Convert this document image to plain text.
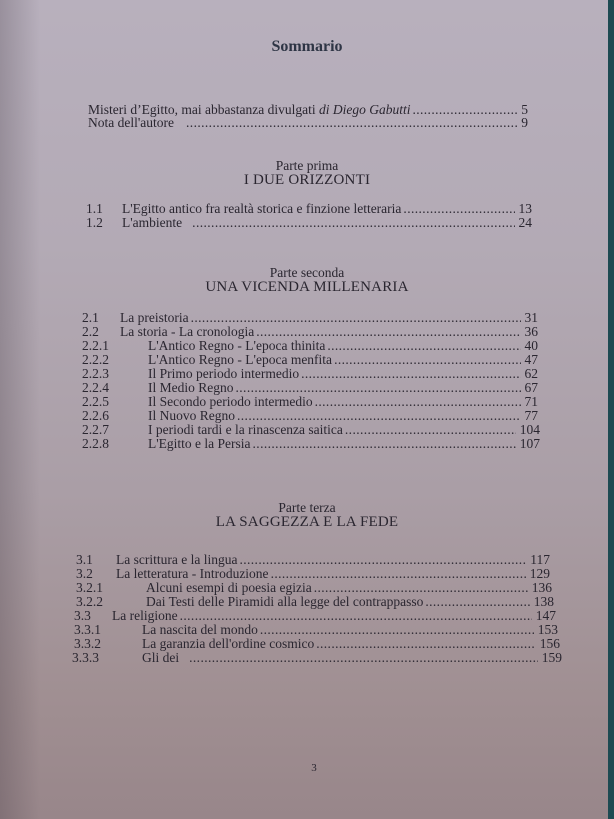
Sommario
Misteri d’Egitto, mai abbastanza divulgati di Diego Gabutti .....	5
Nota dell'autore .....	9
Parte prima
I DUE ORIZZONTI
1.1 L'Egitto antico fra realtà storica e finzione letteraria .....	13
1.2 L'ambiente .....	24
Parte seconda
UNA VICENDA MILLENARIA
2.1 La preistoria .....	31
2.2 La storia - La cronologia .....	36
2.2.1	L'Antico Regno - L'epoca thinita .....	40
2.2.2	L'Antico Regno - L'epoca menfita .....	47
2.2.3	Il Primo periodo intermedio .....	62
2.2.4	Il Medio Regno .....	67
2.2.5	Il Secondo periodo intermedio .....	71
2.2.6	Il Nuovo Regno .....	77
2.2.7	I periodi tardi e la rinascenza saitica .....	104
2.2.8	L'Egitto e la Persia .....	107
Parte terza
LA SAGGEZZA E LA FEDE
3.1 La scrittura e la lingua .....	117
3.2 La letteratura - Introduzione .....	129
3.2.1	Alcuni esempi di poesia egizia .....	136
3.2.2	Dai Testi delle Piramidi alla legge del contrappasso .....	138
3.3 La religione .....	147
3.3.1	La nascita del mondo .....	153
3.3.2	La garanzia dell'ordine cosmico .....	156
3.3.3	Gli dei .....	159
3
